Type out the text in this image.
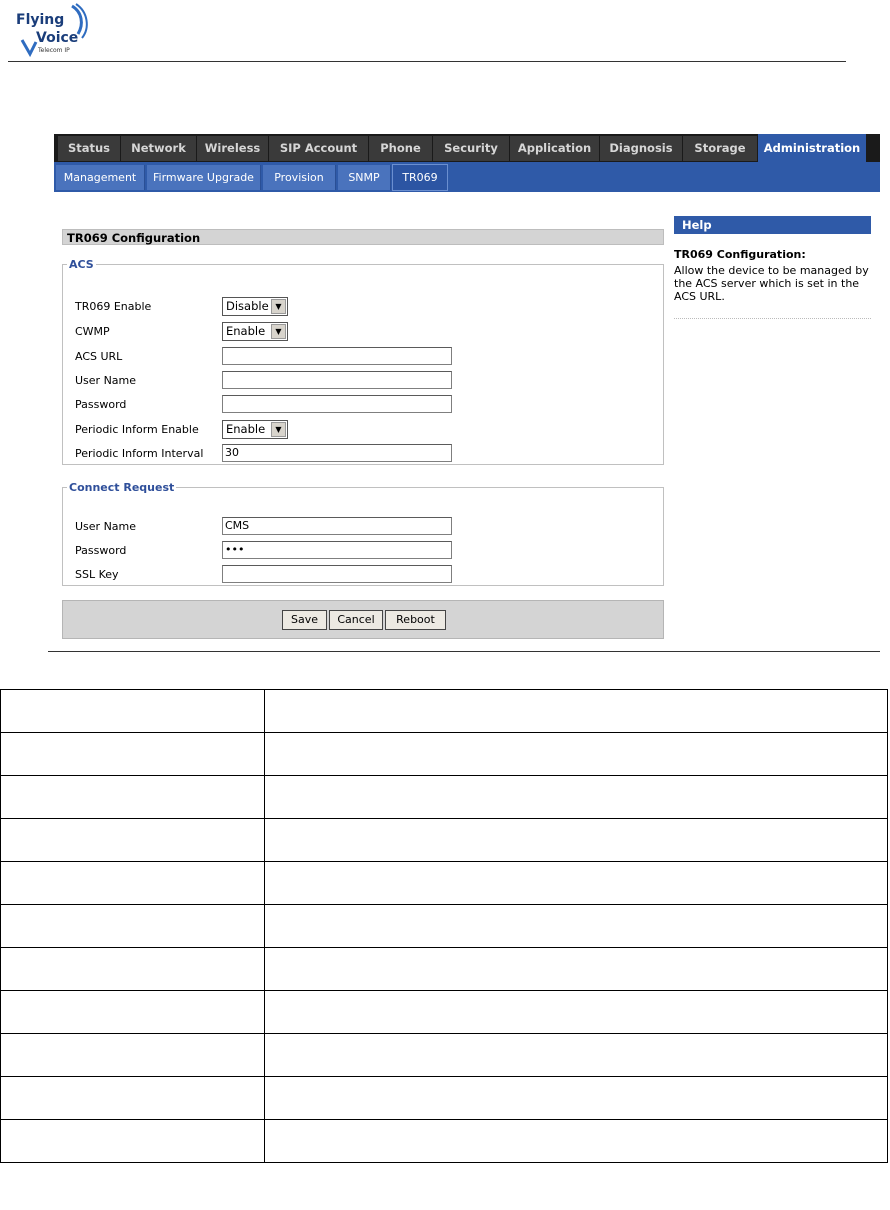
Flying
Voice
Telecom IP
Status	Network	Wireless	SIP Account	Phone	Security	Application	Diagnosis	Storage	Administration
Management	Firmware Upgrade	Provision	SNMP	TR069
TR069 Configuration
ACS
TR069 Enable	Disable ▼
CWMP	Enable	▼
ACS URL
User Name
Password
Periodic Inform Enable	Enable	▼
Periodic Inform Interval	30
Connect Request
User Name	CMS
Password	•••
SSL Key
Save	Cancel	Reboot
Help
TR069 Configuration:
Allow the device to be managed by the ACS server which is set in the ACS URL.
